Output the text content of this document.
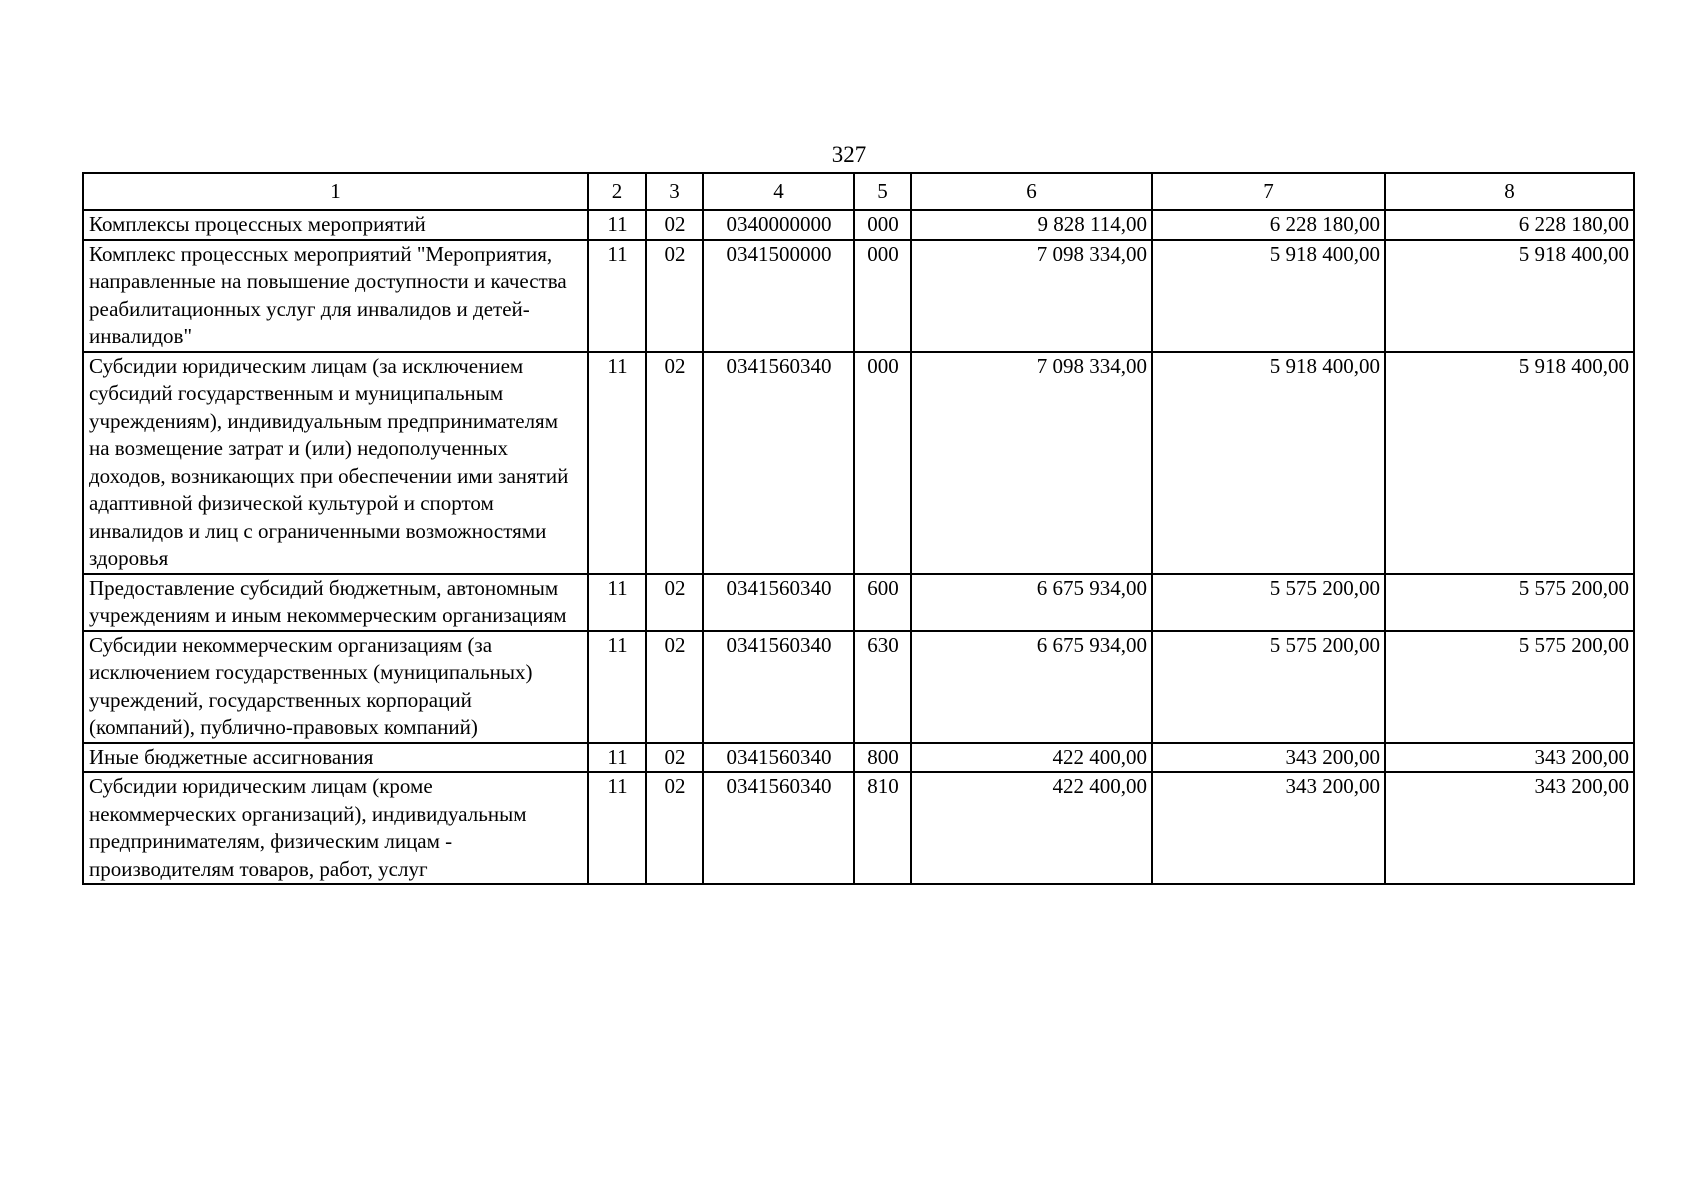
327
1	2	3	4	5	6	7	8
Комплексы процессных мероприятий	11	02	0340000000	000	9 828 114,00	6 228 180,00	6 228 180,00
Комплекс процессных мероприятий "Мероприятия, направленные на повышение доступности и качества реабилитационных услуг для инвалидов и детей-инвалидов"	11	02	0341500000	000	7 098 334,00	5 918 400,00	5 918 400,00
Субсидии юридическим лицам (за исключением субсидий государственным и муниципальным учреждениям), индивидуальным предпринимателям на возмещение затрат и (или) недополученных доходов, возникающих при обеспечении ими занятий адаптивной физической культурой и спортом инвалидов и лиц с ограниченными возможностями здоровья	11	02	0341560340	000	7 098 334,00	5 918 400,00	5 918 400,00
Предоставление субсидий бюджетным, автономным учреждениям и иным некоммерческим организациям	11	02	0341560340	600	6 675 934,00	5 575 200,00	5 575 200,00
Субсидии некоммерческим организациям (за исключением государственных (муниципальных) учреждений, государственных корпораций (компаний), публично-правовых компаний)	11	02	0341560340	630	6 675 934,00	5 575 200,00	5 575 200,00
Иные бюджетные ассигнования	11	02	0341560340	800	422 400,00	343 200,00	343 200,00
Субсидии юридическим лицам (кроме некоммерческих организаций), индивидуальным предпринимателям, физическим лицам - производителям товаров, работ, услуг	11	02	0341560340	810	422 400,00	343 200,00	343 200,00
